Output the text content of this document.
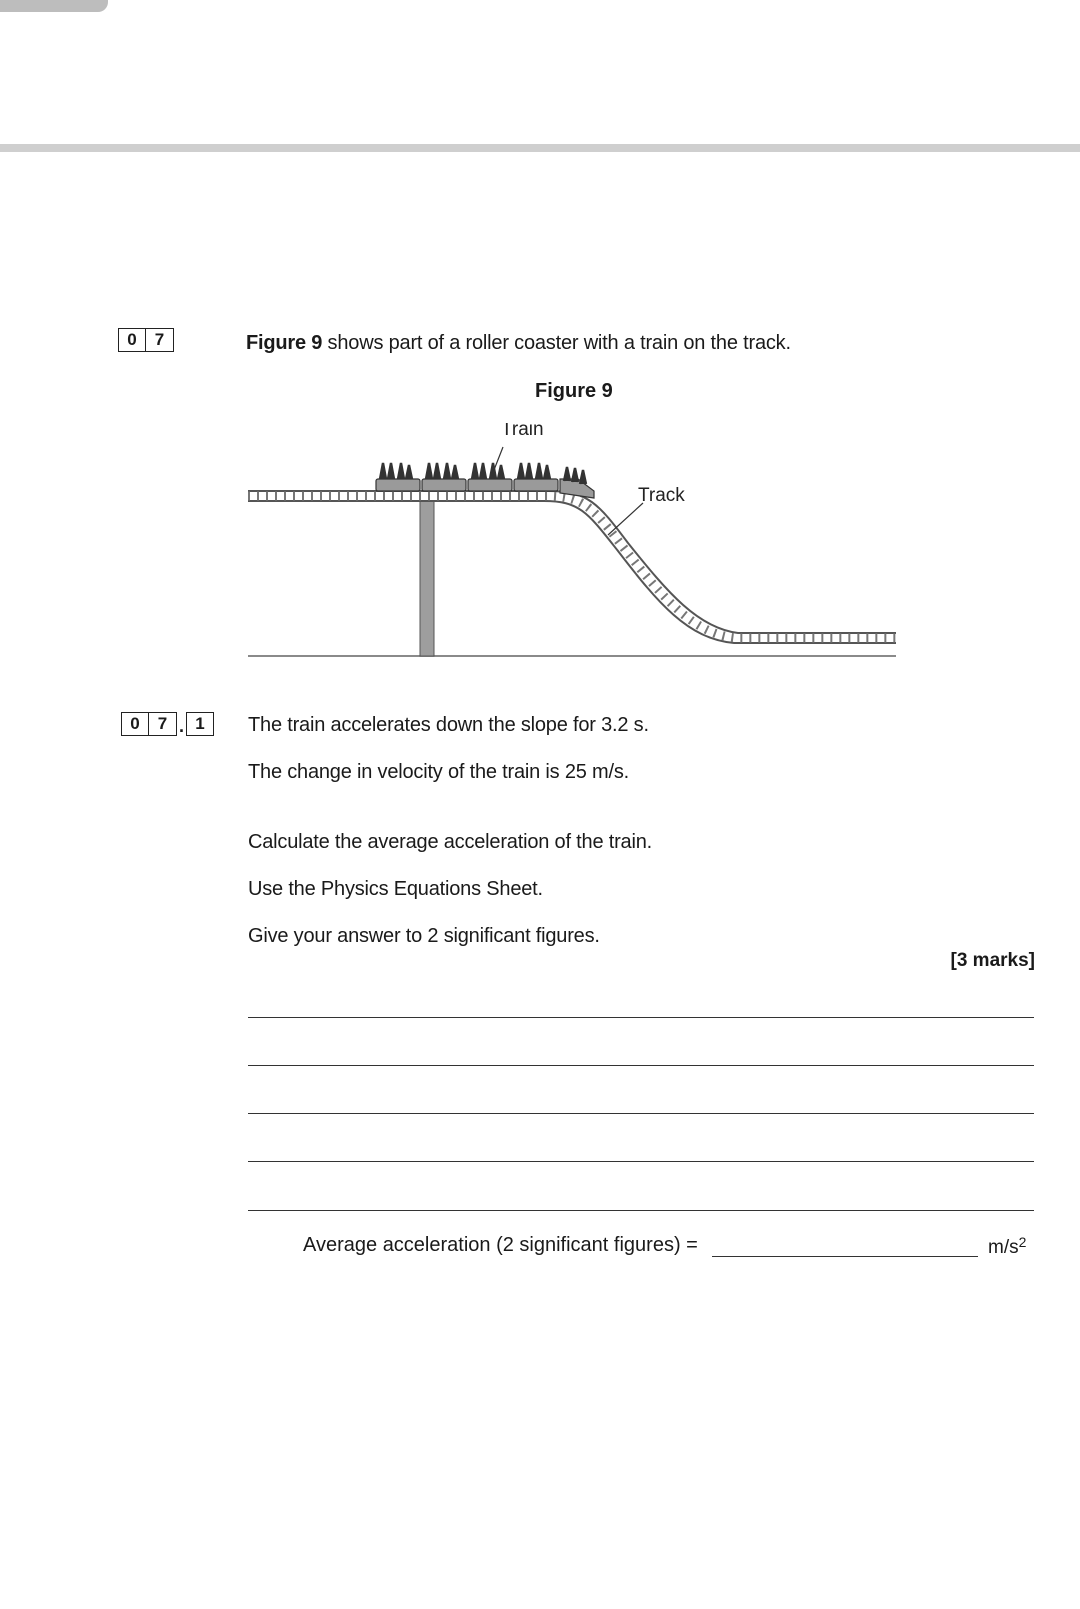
0	7	Figure 9 shows part of a roller coaster with a train on the track.
Figure 9
Train
Track
0	7 . 1	The train accelerates down the slope for 3.2 s.
The change in velocity of the train is 25 m/s.
Calculate the average acceleration of the train.
Use the Physics Equations Sheet.
Give your answer to 2 significant figures.
[3 marks]
Average acceleration (2 significant figures) =	$m/s^2$
